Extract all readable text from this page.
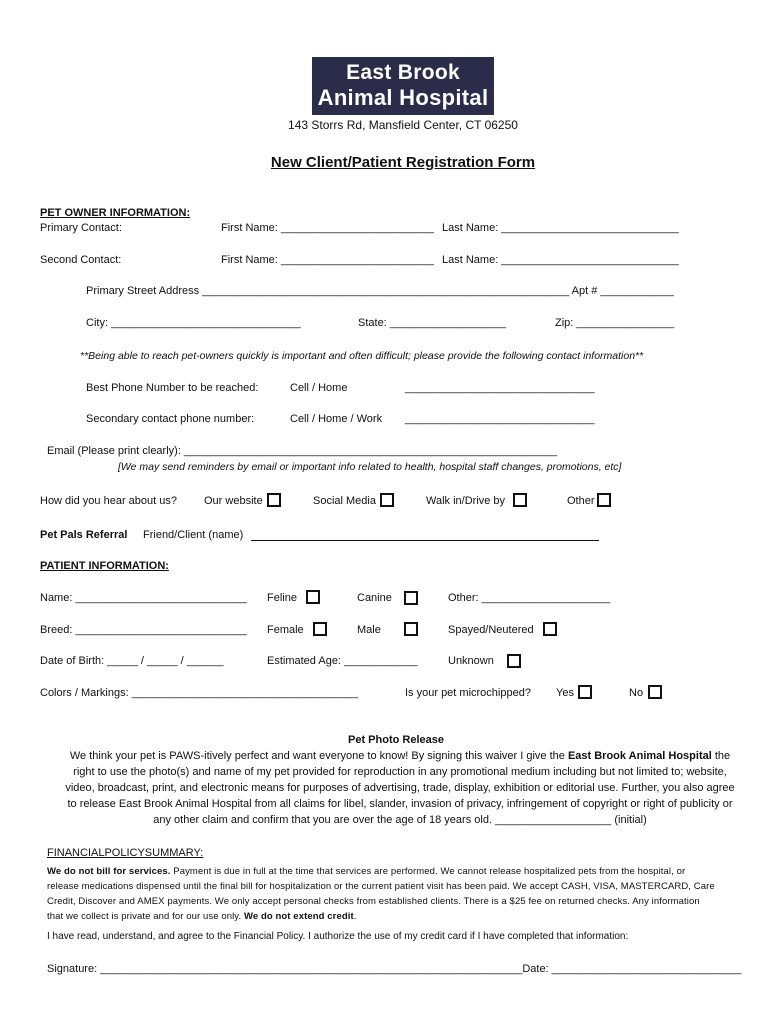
East Brook
Animal Hospital
143 Storrs Rd, Mansfield Center, CT 06250
New Client/Patient Registration Form
PET OWNER INFORMATION:
Primary Contact:	First Name: _________________________ Last Name: _____________________________
Second Contact:	First Name: _________________________ Last Name: _____________________________
Primary Street Address ____________________________________________________________ Apt # ____________
City: _______________________________	State: ___________________	Zip: ________________
**Being able to reach pet-owners quickly is important and often difficult; please provide the following contact information**
Best Phone Number to be reached:	Cell / Home	_______________________________
Secondary contact phone number:	Cell / Home / Work _______________________________
Email (Please print clearly): _____________________________________________________________
[We may send reminders by email or important info related to health, hospital staff changes, promotions, etc]
How did you hear about us? Our website	Social Media	Walk in/Drive by	Other
Pet Pals Referral Friend/Client (name)
PATIENT INFORMATION:
Name: ____________________________ Feline	Canine	Other: _____________________
Breed: ____________________________ Female	Male	Spayed/Neutered
Date of Birth: _____ / _____ / ______	Estimated Age: ____________	Unknown
Colors / Markings: _____________________________________	Is your pet microchipped? Yes	No
Pet Photo Release
We think your pet is PAWS-itively perfect and want everyone to know! By signing this waiver I give the East Brook Animal Hospital the
right to use the photo(s) and name of my pet provided for reproduction in any promotional medium including but not limited to; website,
video, broadcast, print, and electronic means for purposes of advertising, trade, display, exhibition or editorial use. Further, you also agree
to release East Brook Animal Hospital from all claims for libel, slander, invasion of privacy, infringement of copyright or right of publicity or
any other claim and confirm that you are over the age of 18 years old. ___________________ (initial)
FINANCIALPOLICYSUMMARY:
We do not bill for services. Payment is due in full at the time that services are performed. We cannot release hospitalized pets from the hospital, or
release medications dispensed until the final bill for hospitalization or the current patient visit has been paid. We accept CASH, VISA, MASTERCARD, Care
Credit, Discover and AMEX payments. We only accept personal checks from established clients. There is a $25 fee on returned checks. Any information
that we collect is private and for our use only. We do not extend credit.
I have read, understand, and agree to the Financial Policy. I authorize the use of my credit card if I have completed that information:
Signature: _____________________________________________________________________Date: _______________________________
